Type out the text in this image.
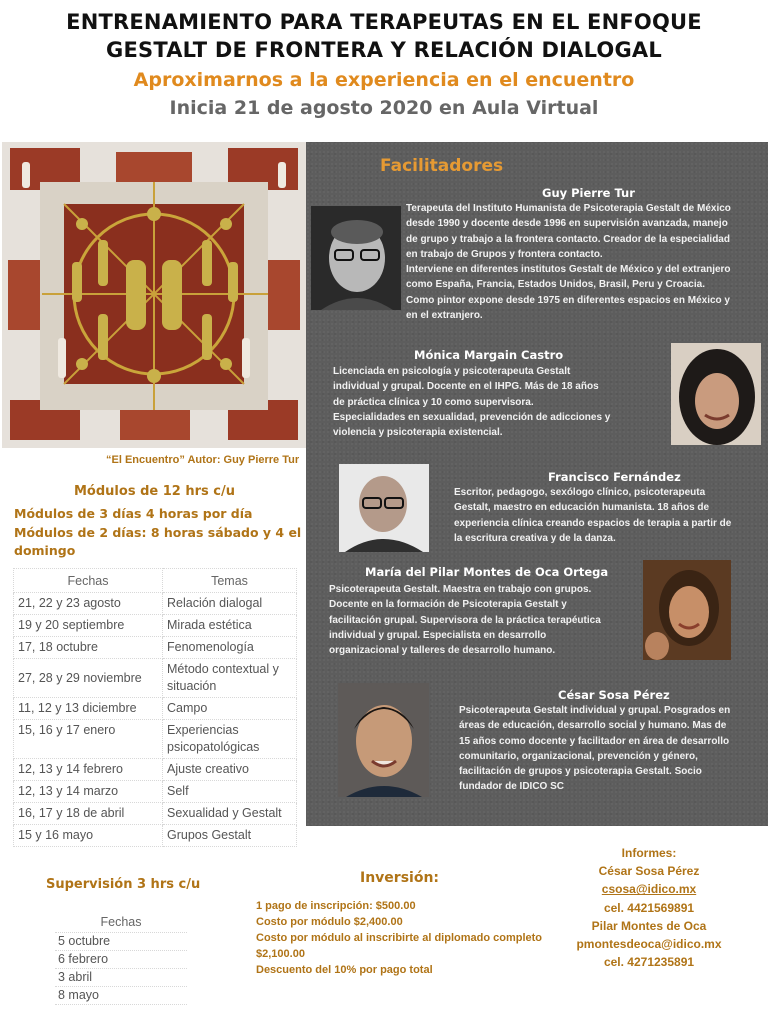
ENTRENAMIENTO PARA TERAPEUTAS EN EL ENFOQUE
GESTALT DE FRONTERA Y RELACIÓN DIALOGAL
Aproximarnos a la experiencia en el encuentro
Inicia 21 de agosto 2020 en Aula Virtual
“El Encuentro” Autor: Guy Pierre Tur
Facilitadores
Guy Pierre Tur
Terapeuta del Instituto Humanista de Psicoterapia Gestalt de México
desde 1990 y docente desde 1996 en supervisión avanzada, manejo
de grupo y trabajo a la frontera contacto. Creador de la especialidad
en trabajo de Grupos y frontera contacto.
Interviene en diferentes institutos Gestalt de México y del extranjero
como España, Francia, Estados Unidos, Brasil, Peru y Croacia.
Como pintor expone desde 1975 en diferentes espacios en México y
en el extranjero.
Mónica Margain Castro
Licenciada en psicología y psicoterapeuta Gestalt
individual y grupal. Docente en el IHPG. Más de 18 años
de práctica clínica y 10 como supervisora.
Especialidades en sexualidad, prevención de adicciones y
violencia y psicoterapia existencial.
Francisco Fernández
Escritor, pedagogo, sexólogo clínico, psicoterapeuta
Gestalt, maestro en educación humanista. 18 años de
experiencia clínica creando espacios de terapia a partir de
la escritura creativa y de la danza.
María del Pilar Montes de Oca Ortega
Psicoterapeuta Gestalt. Maestra en trabajo con grupos.
Docente en la formación de Psicoterapia Gestalt y
facilitación grupal. Supervisora de la práctica terapéutica
individual y grupal. Especialista en desarrollo
organizacional y talleres de desarrollo humano.
César Sosa Pérez
Psicoterapeuta Gestalt individual y grupal. Posgrados en
áreas de educación, desarrollo social y humano. Mas de
15 años como docente y facilitador en área de desarrollo
comunitario, organizacional, prevención y género,
facilitación de grupos y psicoterapia Gestalt. Socio
fundador de IDICO SC
Módulos de 12 hrs c/u
Módulos de 3 días 4 horas por día
Módulos de 2 días: 8 horas sábado y 4 el
domingo
Fechas	Temas
21, 22 y 23 agosto	Relación dialogal
19 y 20 septiembre	Mirada estética
17, 18 octubre	Fenomenología
27, 28 y 29 noviembre	Método contextual y situación
11, 12 y 13 diciembre	Campo
15, 16 y 17 enero	Experiencias psicopatológicas
12, 13 y 14 febrero	Ajuste creativo
12, 13 y 14 marzo	Self
16, 17 y 18 de abril	Sexualidad y Gestalt
15 y 16 mayo	Grupos Gestalt
Supervisión 3 hrs c/u
Fechas
5 octubre
6 febrero
3 abril
8 mayo
Inversión:
1 pago de inscripción: $500.00
Costo por módulo $2,400.00
Costo por módulo al inscribirte al diplomado completo
$2,100.00
Descuento del 10% por pago total
Informes:
César Sosa Pérez
csosa@idico.mx
cel. 4421569891
Pilar Montes de Oca
pmontesdeoca@idico.mx
cel. 4271235891
